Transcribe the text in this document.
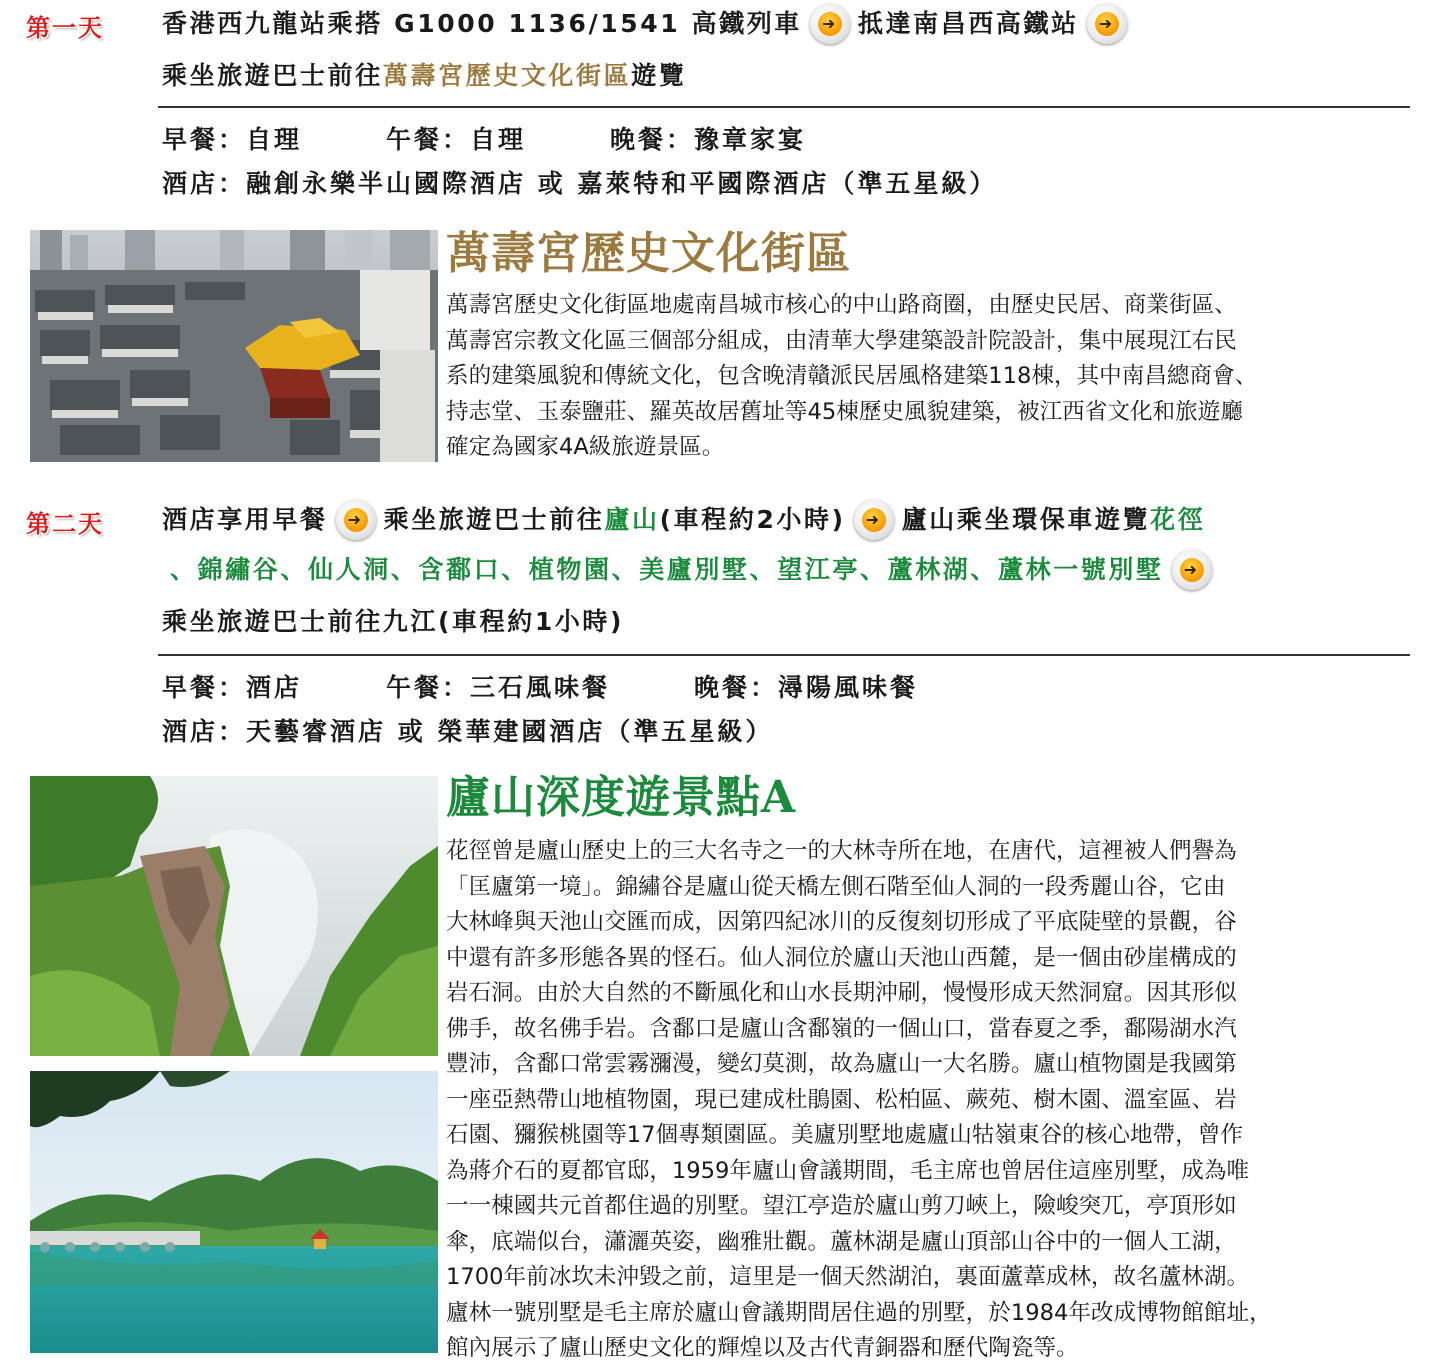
第一天 香港西九龍站乘搭 G1000 1136/1541 高鐵列車 ➜ 抵達南昌西高鐵站 ➜
乘坐旅遊巴士前往 萬壽宮歷史文化街區 遊覽
早餐：自理　　　午餐：自理　　　晚餐：豫章家宴
酒店：融創永樂半山國際酒店 或 嘉萊特和平國際酒店（準五星級）
萬壽宮歷史文化街區
萬壽宮歷史文化街區地處南昌城市核心的中山路商圈，由歷史民居、商業街區、
萬壽宮宗教文化區三個部分組成，由清華大學建築設計院設計，集中展現江右民
系的建築風貌和傳統文化，包含晚清贛派民居風格建築118棟，其中南昌總商會、
持志堂、玉泰鹽莊、羅英故居舊址等45棟歷史風貌建築，被江西省文化和旅遊廳
確定為國家4A級旅遊景區。
第二天 酒店享用早餐 ➜ 乘坐旅遊巴士前往 廬山 (車程約2小時) ➜ 廬山乘坐環保車遊覽 花徑
、錦繡谷、仙人洞、含鄱口、植物園、美廬別墅、望江亭、蘆林湖、蘆林一號別墅 ➜
乘坐旅遊巴士前往九江(車程約1小時)
早餐：酒店　　　午餐：三石風味餐　　　晚餐：潯陽風味餐
酒店：天藝睿酒店 或 榮華建國酒店（準五星級）
廬山深度遊景點A
花徑曾是廬山歷史上的三大名寺之一的大林寺所在地，在唐代，這裡被人們譽為
「匡廬第一境」。錦繡谷是廬山從天橋左側石階至仙人洞的一段秀麗山谷，它由
大林峰與天池山交匯而成，因第四紀冰川的反復刻切形成了平底陡壁的景觀，谷
中還有許多形態各異的怪石。仙人洞位於廬山天池山西麓，是一個由砂崖構成的
岩石洞。由於大自然的不斷風化和山水長期沖刷，慢慢形成天然洞窟。因其形似
佛手，故名佛手岩。含鄱口是廬山含鄱嶺的一個山口，當春夏之季，鄱陽湖水汽
豐沛，含鄱口常雲霧瀰漫，變幻莫測，故為廬山一大名勝。廬山植物園是我國第
一座亞熱帶山地植物園，現已建成杜鵑園、松柏區、蕨苑、樹木園、溫室區、岩
石園、獼猴桃園等17個專類園區。美廬別墅地處廬山牯嶺東谷的核心地帶，曾作
為蔣介石的夏都官邸，1959年廬山會議期間，毛主席也曾居住這座別墅，成為唯
一一棟國共元首都住過的別墅。望江亭造於廬山剪刀峽上，險峻突兀，亭頂形如
傘，底端似台，瀟灑英姿，幽雅壯觀。蘆林湖是廬山頂部山谷中的一個人工湖，
1700年前冰坎未沖毀之前，這里是一個天然湖泊，裏面蘆葦成林，故名蘆林湖。
廬林一號別墅是毛主席於廬山會議期間居住過的別墅，於1984年改成博物館館址，
館內展示了廬山歷史文化的輝煌以及古代青銅器和歷代陶瓷等。
